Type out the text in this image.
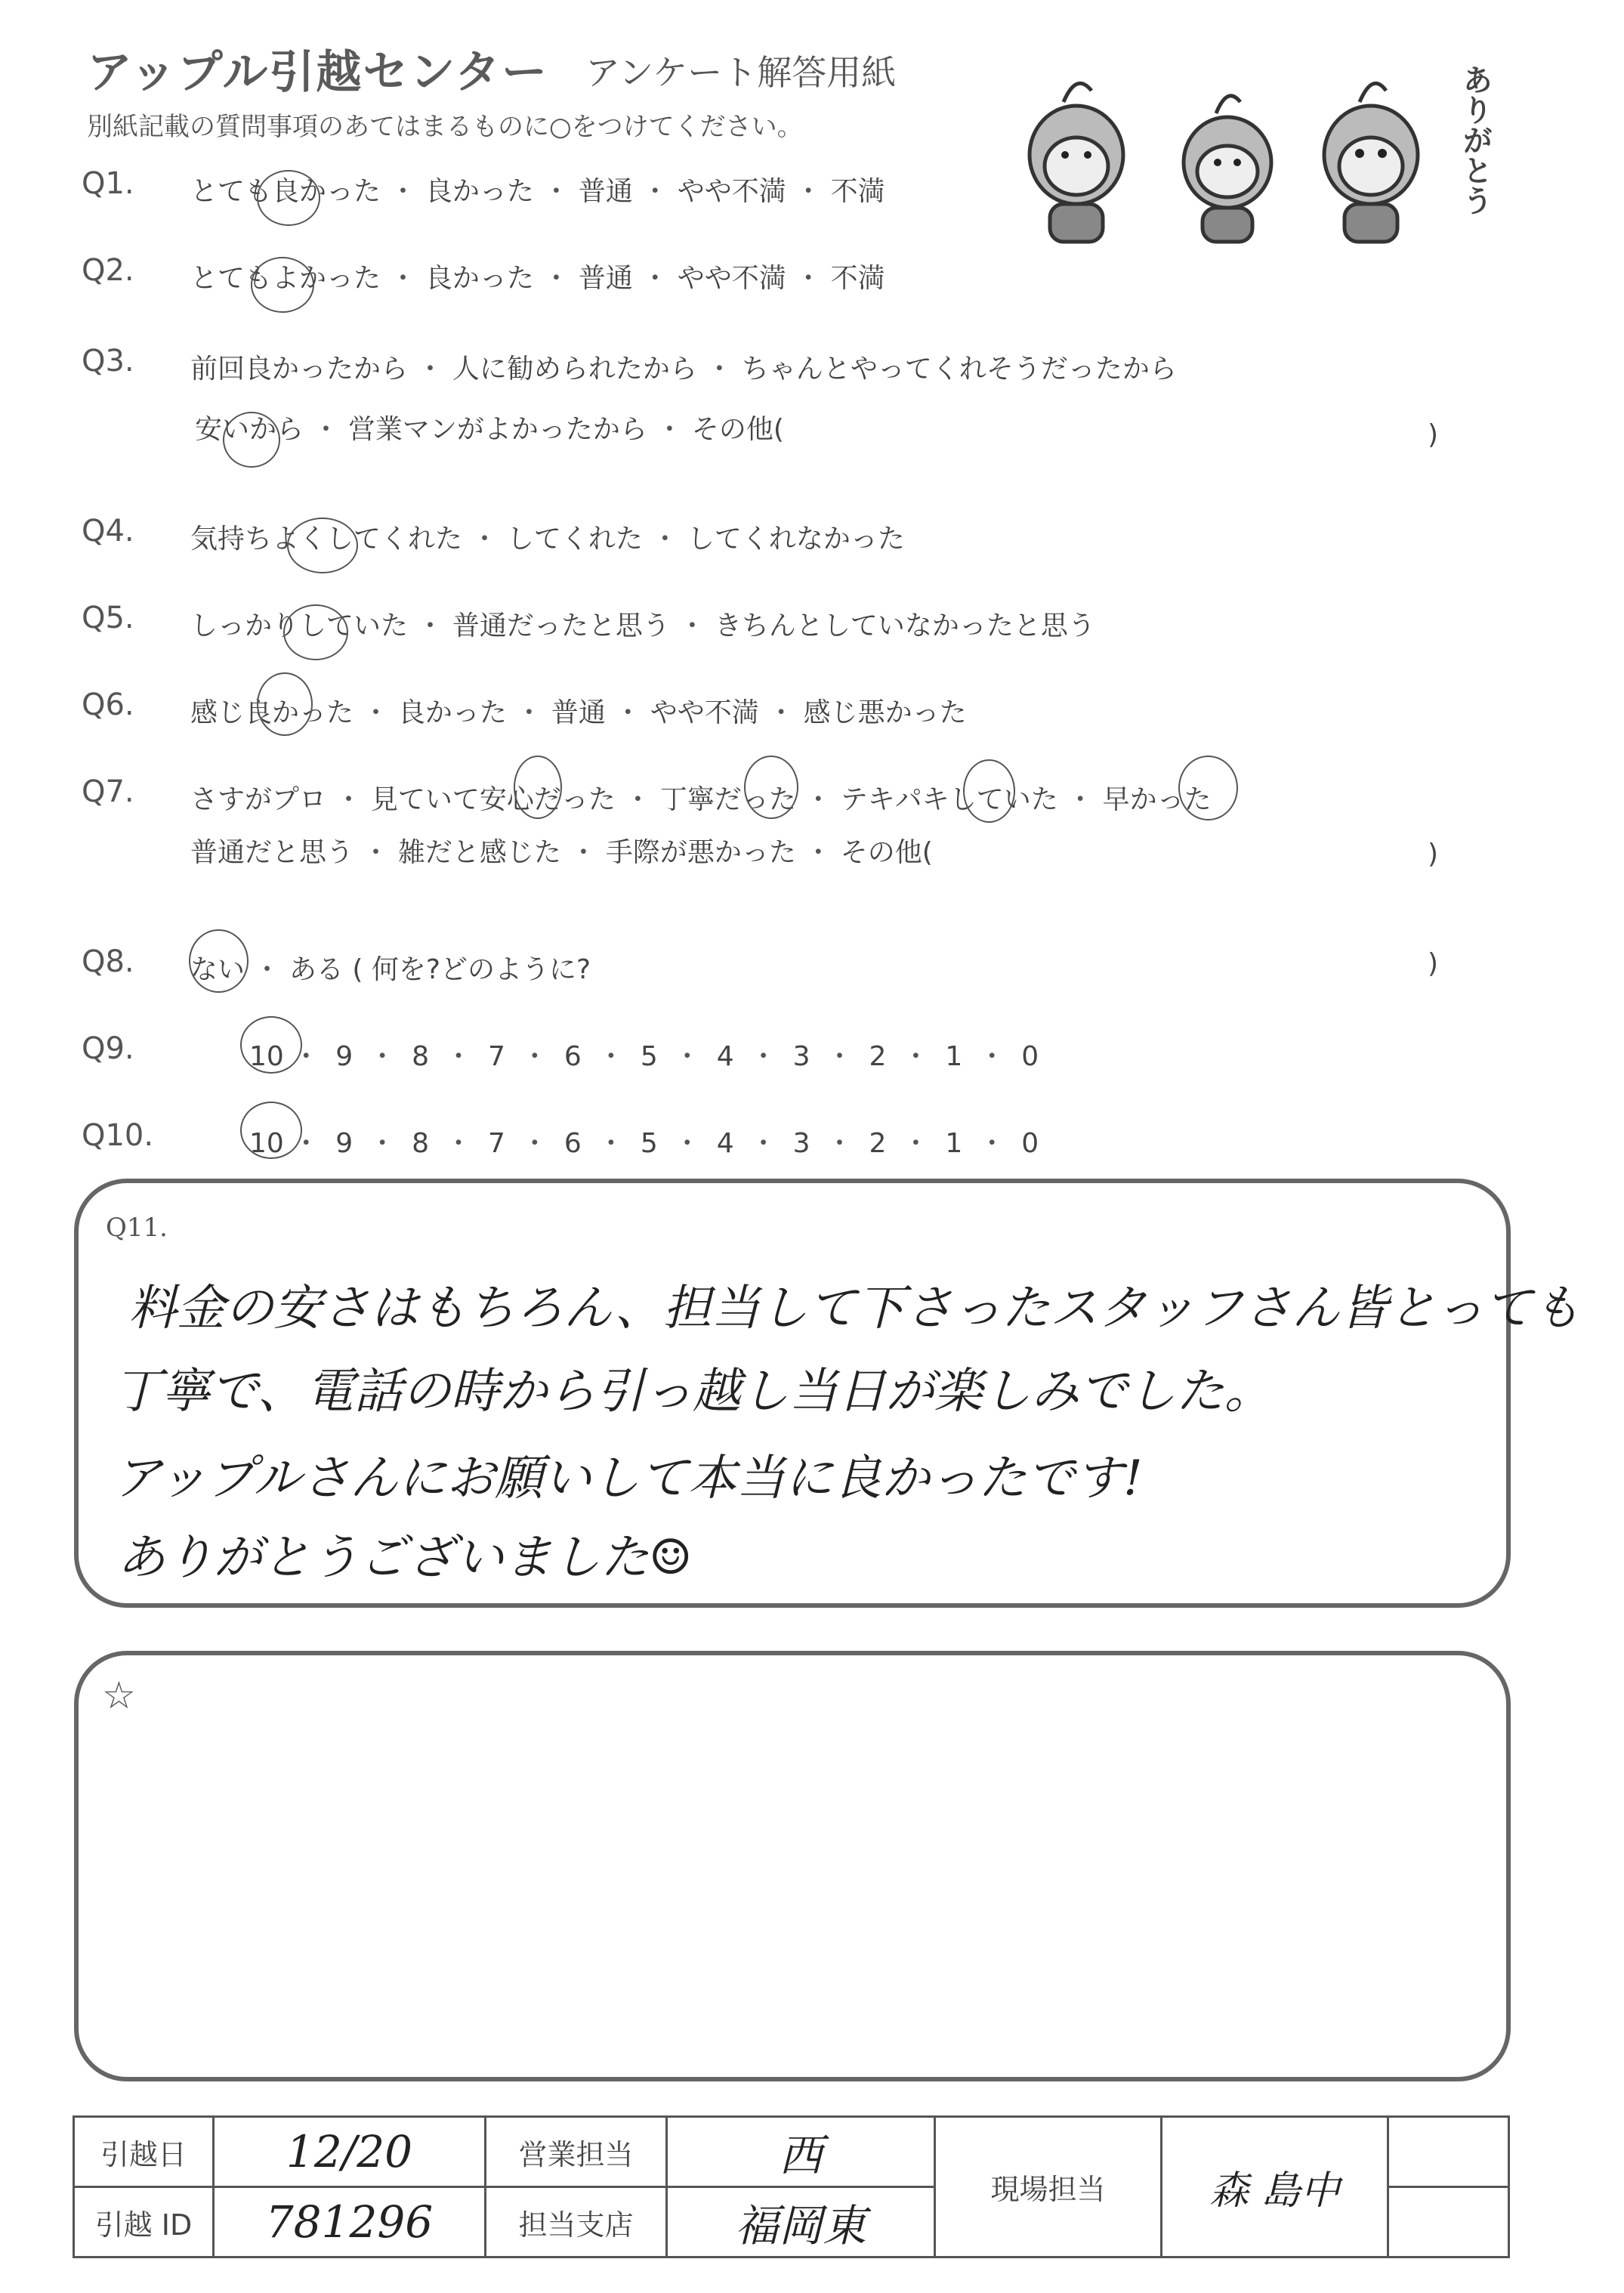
アップル引越センター アンケート解答用紙
別紙記載の質問事項のあてはまるものに○をつけてください。	ありがとう
Q1. とても良かった ・ 良かった ・ 普通 ・ やや不満 ・ 不満
Q2. とてもよかった ・ 良かった ・ 普通 ・ やや不満 ・ 不満
Q3. 前回良かったから ・ 人に勧められたから ・ ちゃんとやってくれそうだったから
安いから ・ 営業マンがよかったから ・ その他(
Q4. 気持ちよくしてくれた ・ してくれた ・ してくれなかった
Q5. しっかりしていた ・ 普通だったと思う ・ きちんとしていなかったと思う
Q6. 感じ良かった ・ 良かった ・ 普通 ・ やや不満 ・ 感じ悪かった
Q7. さすがプロ ・ 見ていて安心だった ・ 丁寧だった ・ テキパキしていた ・ 早かった
普通だと思う ・ 雑だと感じた ・ 手際が悪かった ・ その他(
Q8. ない ・ ある ( 何を?どのように?
Q9.	10 ・ 9 ・ 8 ・ 7 ・ 6 ・ 5 ・ 4 ・ 3 ・ 2 ・ 1 ・ 0
Q10.	10 ・ 9 ・ 8 ・ 7 ・ 6 ・ 5 ・ 4 ・ 3 ・ 2 ・ 1 ・ 0
)
)
)
Q11.
料金の安さはもちろん、担当して下さったスタッフさん皆とっても
丁寧で、電話の時から引っ越し当日が楽しみでした。
アップルさんにお願いして本当に良かったです!
ありがとうございました☺
☆
引越日	12/20	営業担当	西	現場担当	森 島中	
引越 ID	781296	担当支店	福岡東			
